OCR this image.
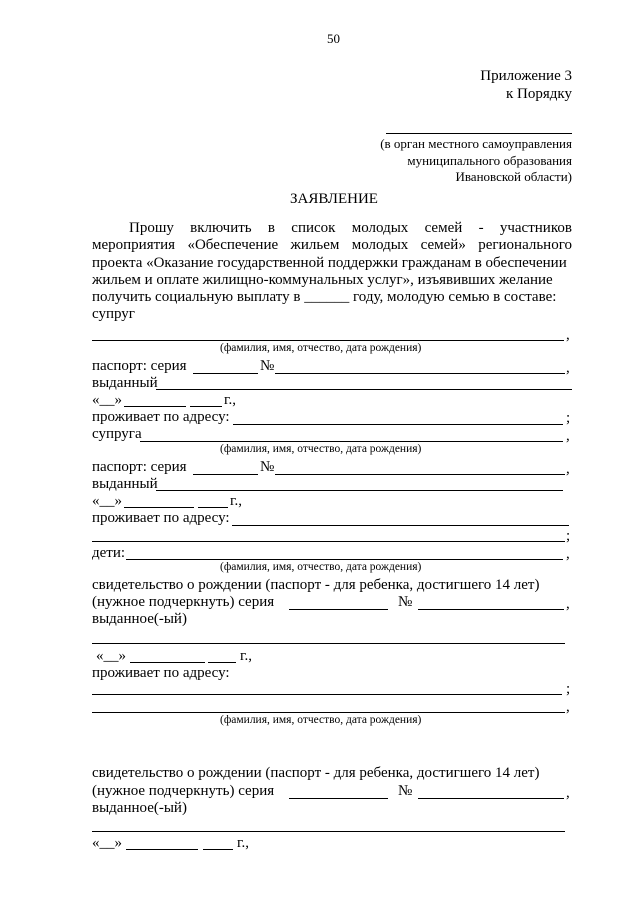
50
Приложение 3
к Порядку
(в орган местного самоуправления
муниципального образования
Ивановской области)
ЗАЯВЛЕНИЕ
Прошу включить в список молодых семей - участников
мероприятия «Обеспечение жильем молодых семей» регионального
проекта «Оказание государственной поддержки гражданам в обеспечении
жильем и оплате жилищно-коммунальных услуг», изъявивших желание
получить социальную выплату в ______ году, молодую семью в составе:
супруг
,
(фамилия, имя, отчество, дата рождения)
паспорт: серия	№	,
выданный
«__»	г.,
проживает по адресу:	;
супруга	,
(фамилия, имя, отчество, дата рождения)
паспорт: серия	№	,
выданный
«__»	г.,
проживает по адресу:
;
дети:	,
(фамилия, имя, отчество, дата рождения)
свидетельство о рождении (паспорт - для ребенка, достигшего 14 лет)
(нужное подчеркнуть) серия	№	,
выданное(-ый)
«__»	г.,
проживает по адресу:
;
,
(фамилия, имя, отчество, дата рождения)
свидетельство о рождении (паспорт - для ребенка, достигшего 14 лет)
(нужное подчеркнуть) серия	№	,
выданное(-ый)
«__»	г.,
